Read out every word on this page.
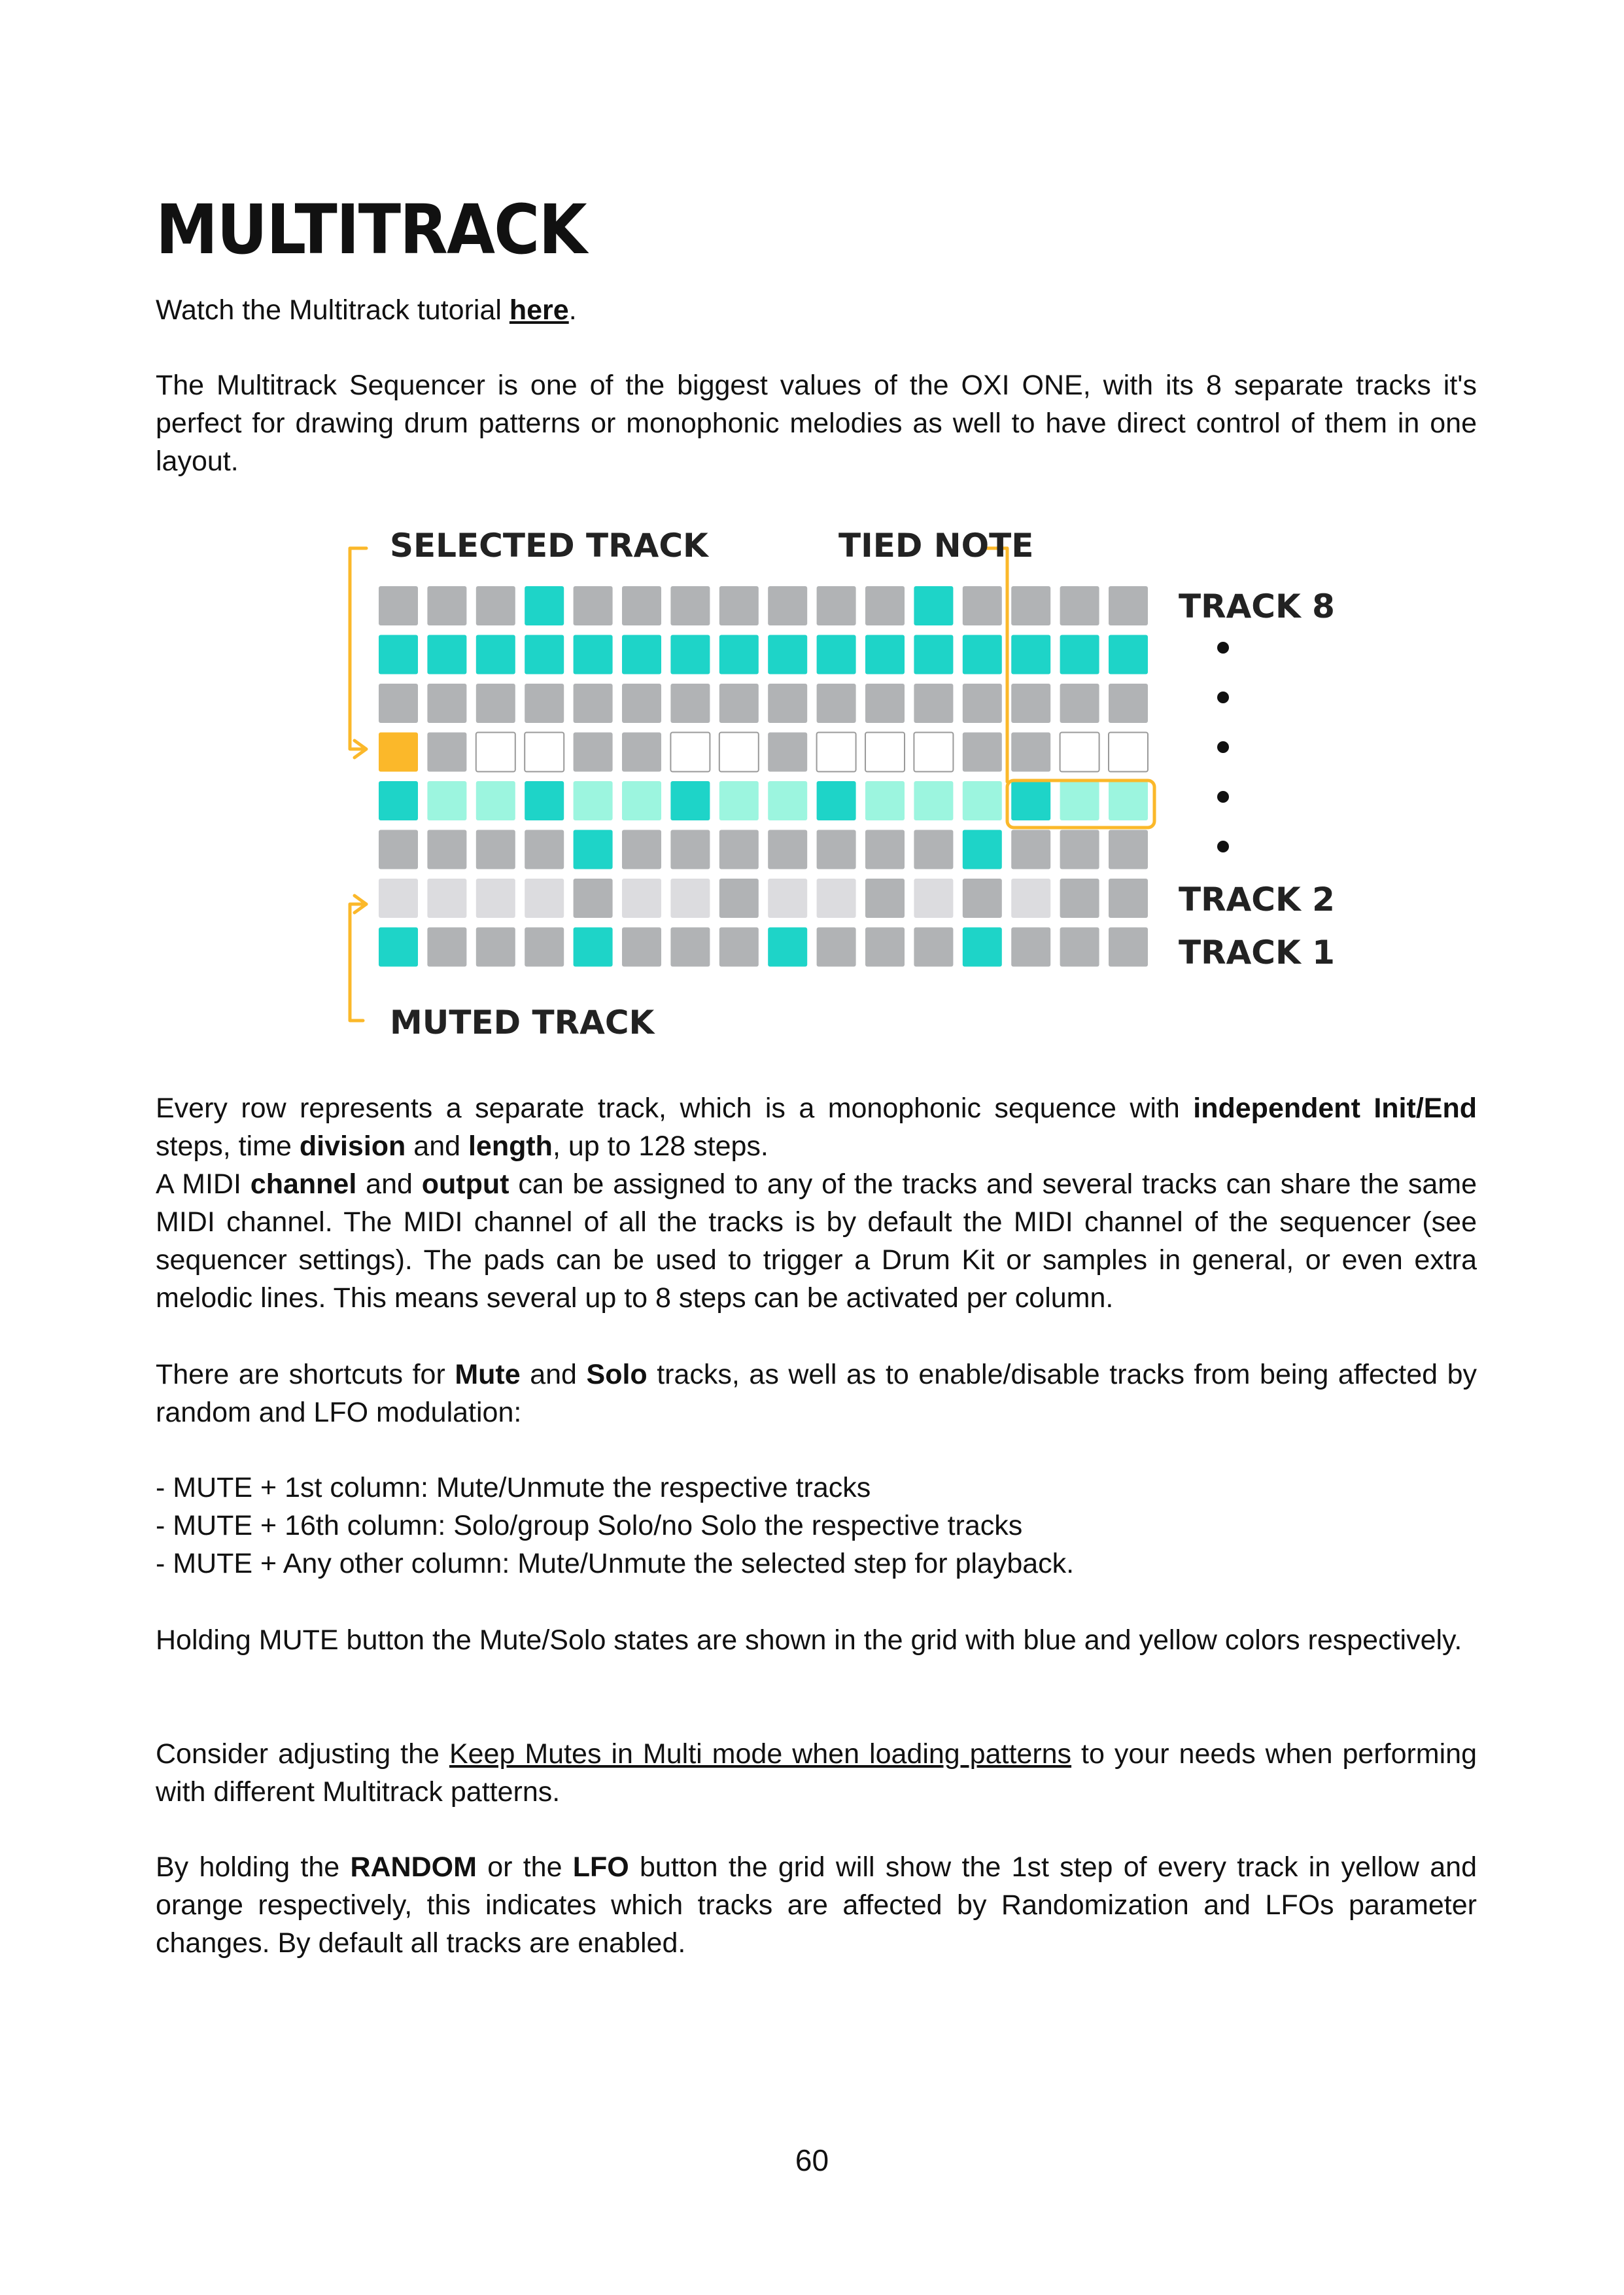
MULTITRACK

Watch the Multitrack tutorial here.

The Multitrack Sequencer is one of the biggest values of the OXI ONE, with its 8 separate tracks it's perfect for drawing drum patterns or monophonic melodies as well to have direct control of them in one layout.

Every row represents a separate track, which is a monophonic sequence with independent Init/End steps, time division and length, up to 128 steps.
A MIDI channel and output can be assigned to any of the tracks and several tracks can share the same MIDI channel. The MIDI channel of all the tracks is by default the MIDI channel of the sequencer (see sequencer settings). The pads can be used to trigger a Drum Kit or samples in general, or even extra melodic lines. This means several up to 8 steps can be activated per column.

There are shortcuts for Mute and Solo tracks, as well as to enable/disable tracks from being affected by random and LFO modulation:

- MUTE + 1st column: Mute/Unmute the respective tracks
- MUTE + 16th column: Solo/group Solo/no Solo the respective tracks
- MUTE + Any other column: Mute/Unmute the selected step for playback.

Holding MUTE button the Mute/Solo states are shown in the grid with blue and yellow colors respectively.

Consider adjusting the Keep Mutes in Multi mode when loading patterns to your needs when performing with different Multitrack patterns.

By holding the RANDOM or the LFO button the grid will show the 1st step of every track in yellow and orange respectively, this indicates which tracks are affected by Randomization and LFOs parameter changes. By default all tracks are enabled.

SELECTED TRACK	TIED NOTE
MUTED TRACK
TRACK 8
TRACK 2
TRACK 1
60
